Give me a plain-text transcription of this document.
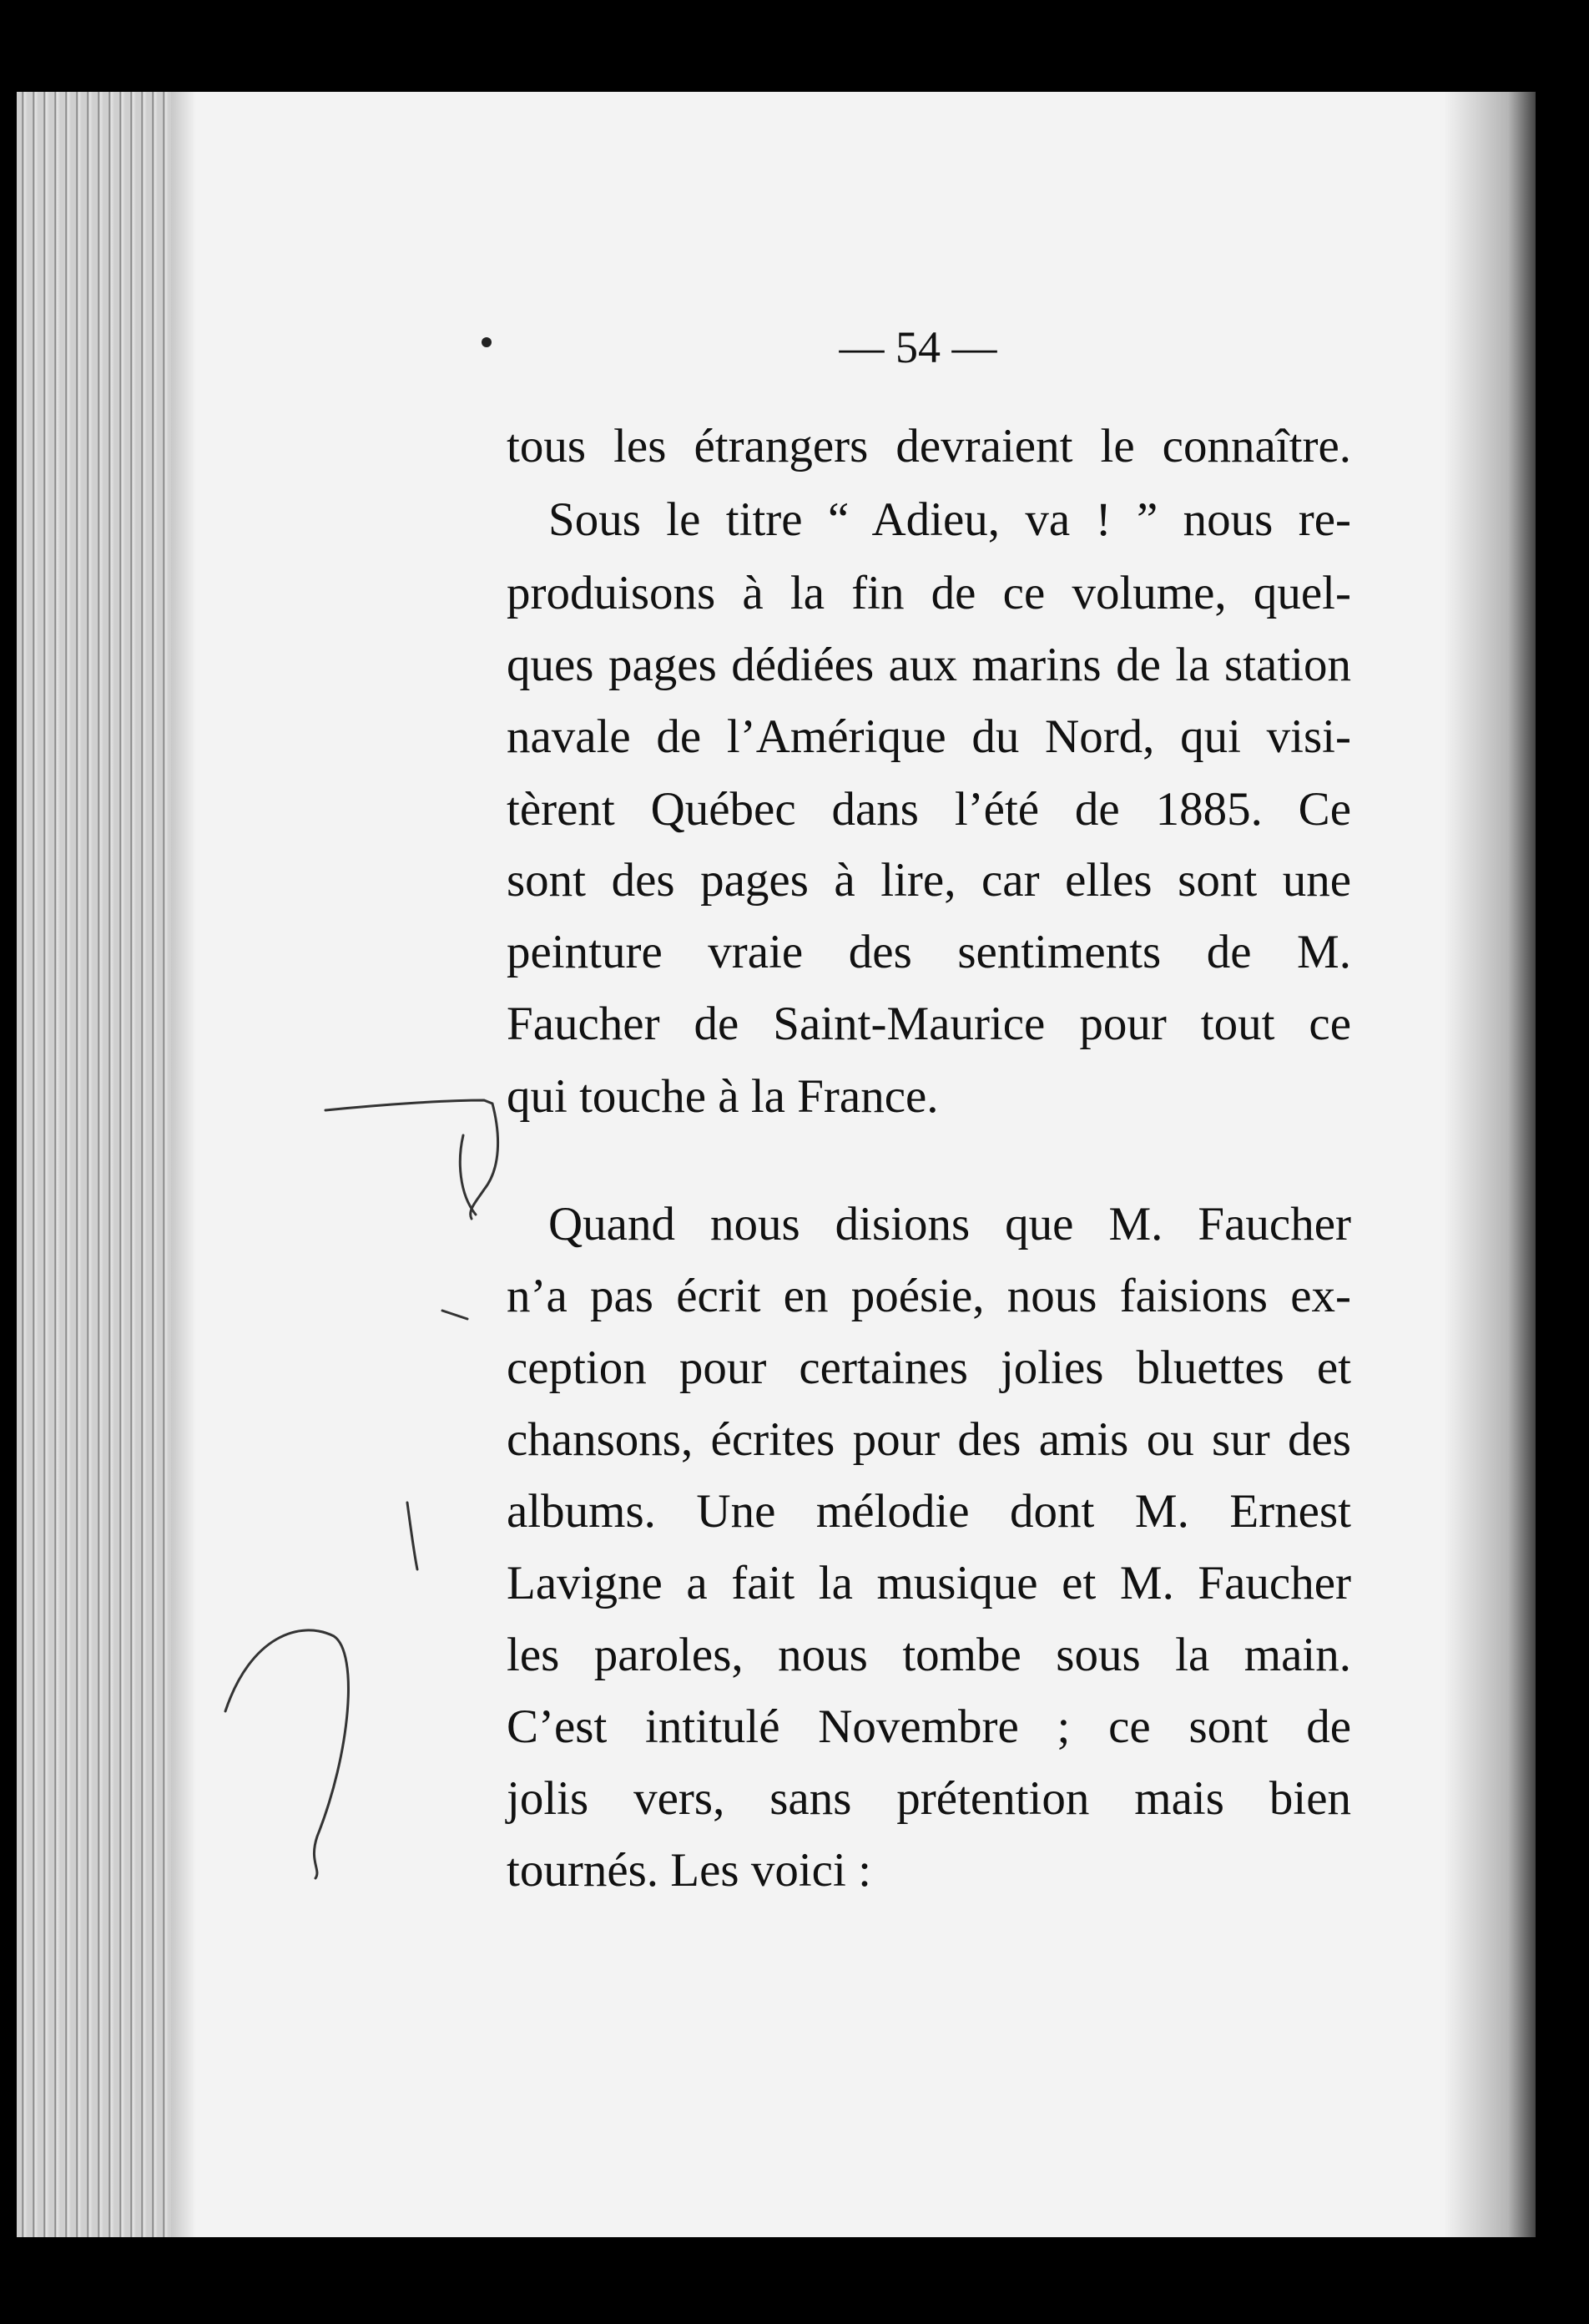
— 54 —
tous les étrangers devraient le connaître.
Sous le titre “ Adieu, va ! ” nous re-
produisons à la fin de ce volume, quel-
ques pages dédiées aux marins de la station
navale de l’Amérique du Nord, qui visi-
tèrent Québec dans l’été de 1885. Ce
sont des pages à lire, car elles sont une
peinture vraie des sentiments de M.
Faucher de Saint-Maurice pour tout ce
qui touche à la France.
Quand nous disions que M. Faucher
n’a pas écrit en poésie, nous faisions ex-
ception pour certaines jolies bluettes et
chansons, écrites pour des amis ou sur des
albums. Une mélodie dont M. Ernest
Lavigne a fait la musique et M. Faucher
les paroles, nous tombe sous la main.
C’est intitulé Novembre ; ce sont de
jolis vers, sans prétention mais bien
tournés. Les voici :
